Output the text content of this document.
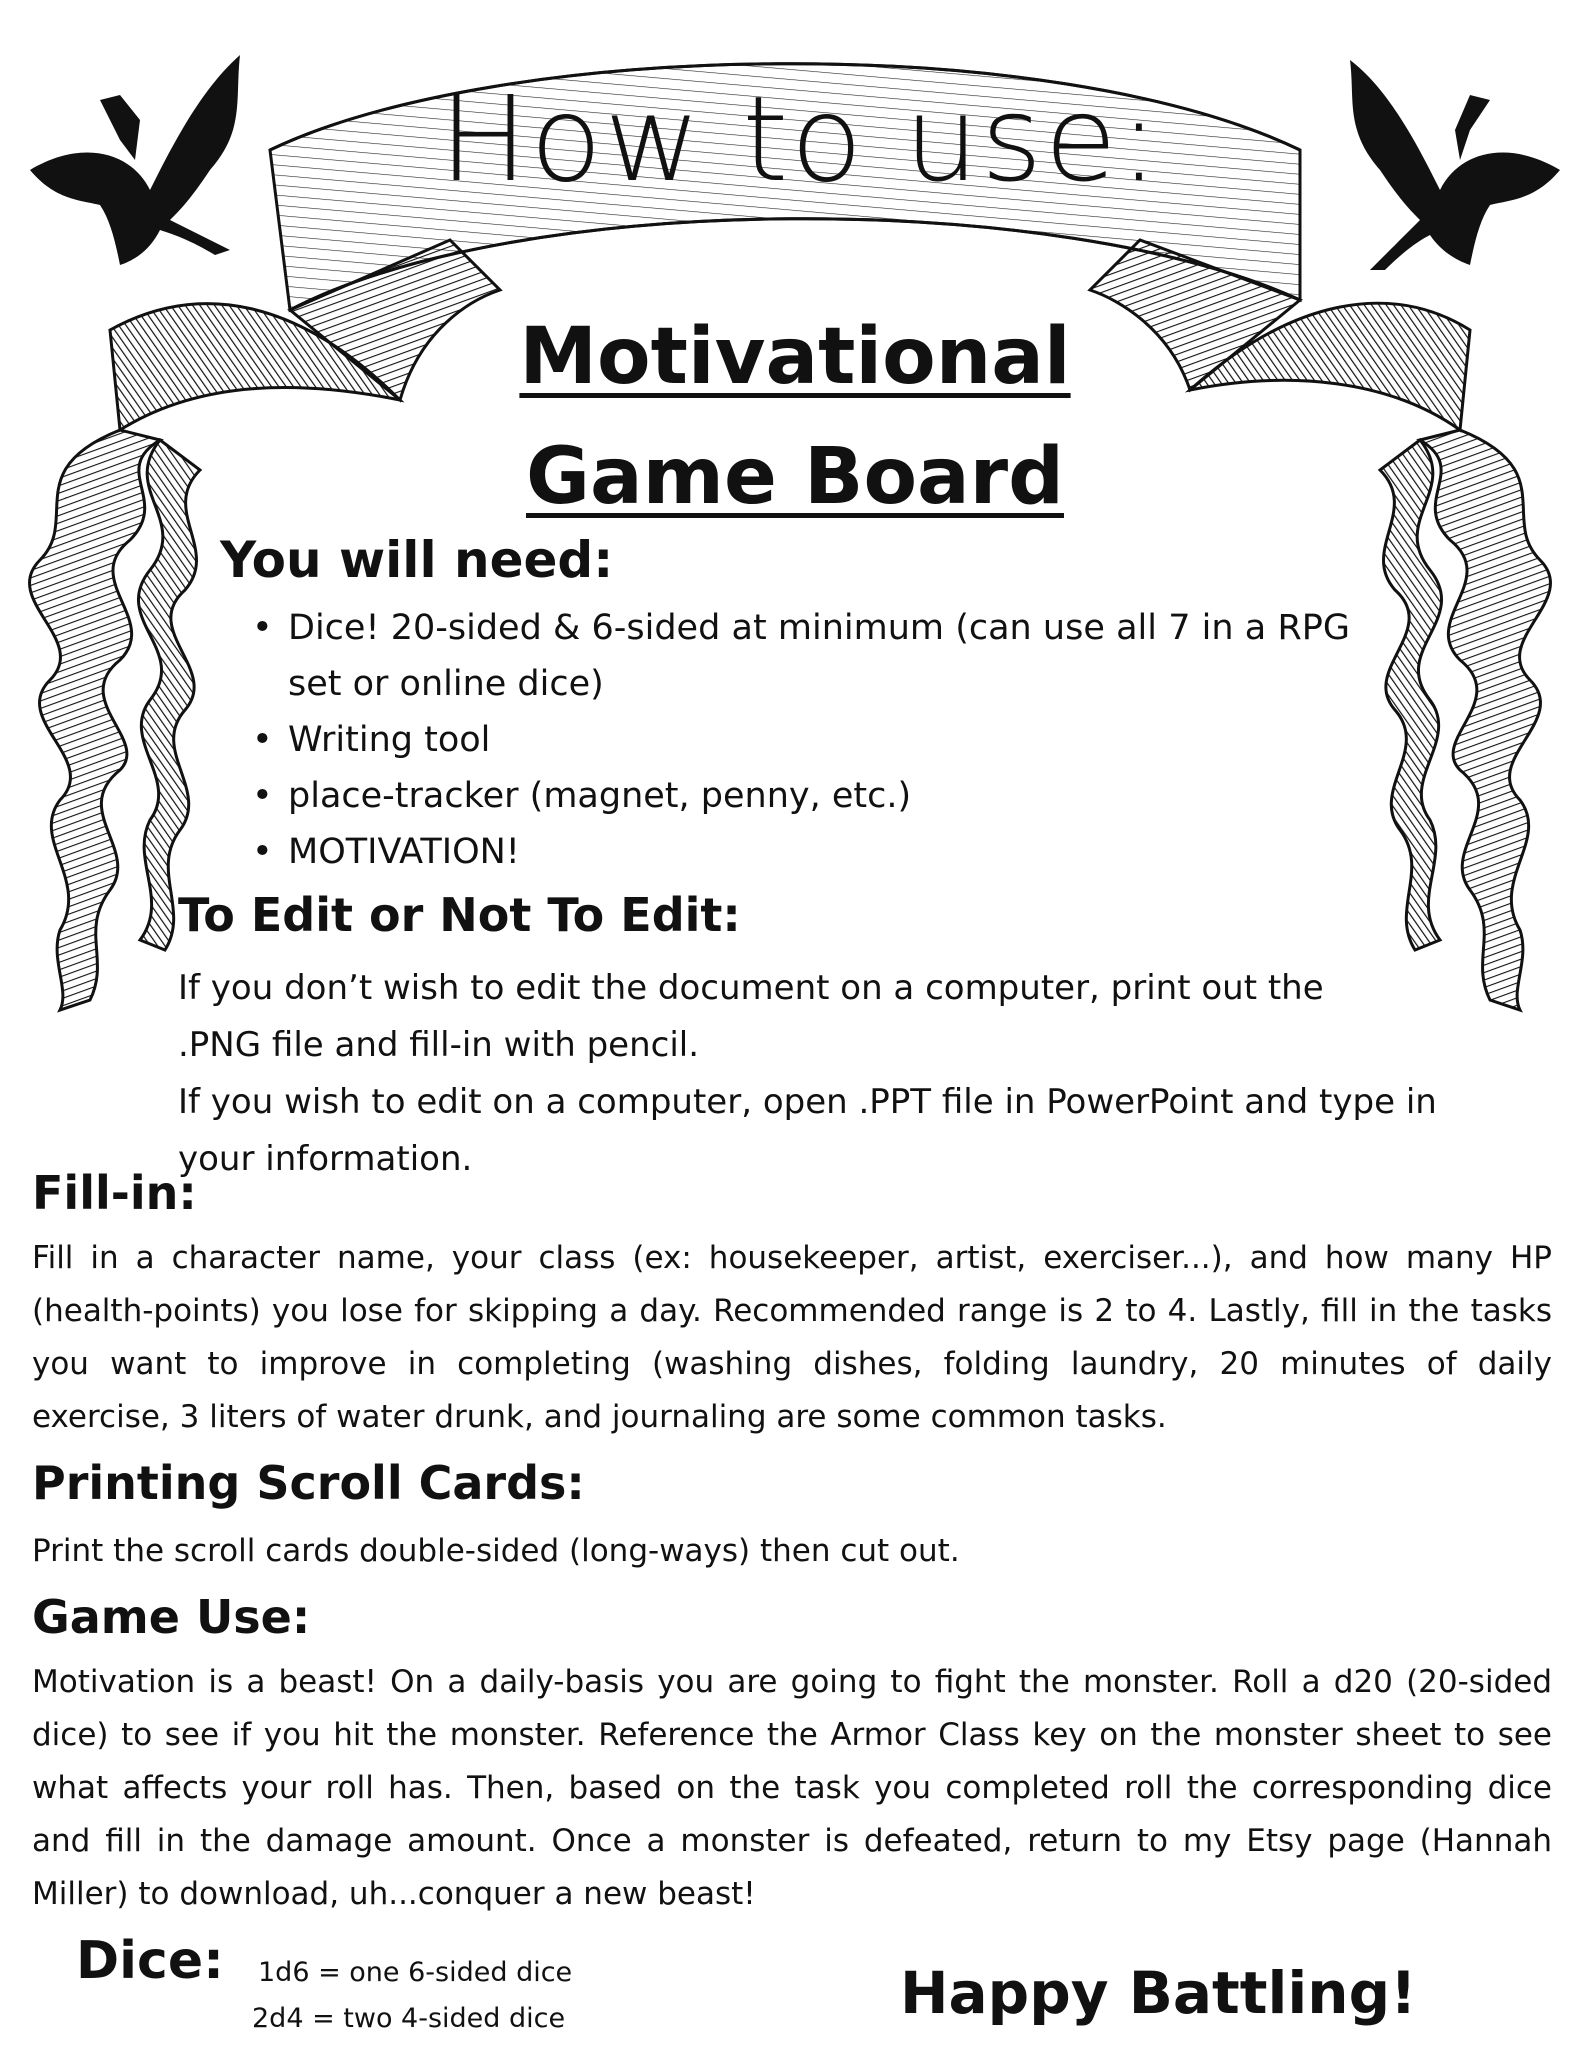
How to use:
Motivational
Game Board
You will need:
• Dice! 20-sided & 6-sided at minimum (can use all 7 in a RPG set or online dice)
• Writing tool
• place-tracker (magnet, penny, etc.)
• MOTIVATION!
To Edit or Not To Edit:
If you don’t wish to edit the document on a computer, print out the .PNG file and fill-in with pencil.
If you wish to edit on a computer, open .PPT file in PowerPoint and type in your information.
Fill-in:
Fill in a character name, your class (ex: housekeeper, artist, exerciser...), and how many HP (health-points) you lose for skipping a day. Recommended range is 2 to 4. Lastly, fill in the tasks you want to improve in completing (washing dishes, folding laundry, 20 minutes of daily exercise, 3 liters of water drunk, and journaling are some common tasks.
Printing Scroll Cards:
Print the scroll cards double-sided (long-ways) then cut out.
Game Use:
Motivation is a beast! On a daily-basis you are going to fight the monster. Roll a d20 (20-sided dice) to see if you hit the monster. Reference the Armor Class key on the monster sheet to see what affects your roll has. Then, based on the task you completed roll the corresponding dice and fill in the damage amount. Once a monster is defeated, return to my Etsy page (Hannah Miller) to download, uh...conquer a new beast!
Dice: 1d6 = one 6-sided dice
2d4 = two 4-sided dice	Happy Battling!
